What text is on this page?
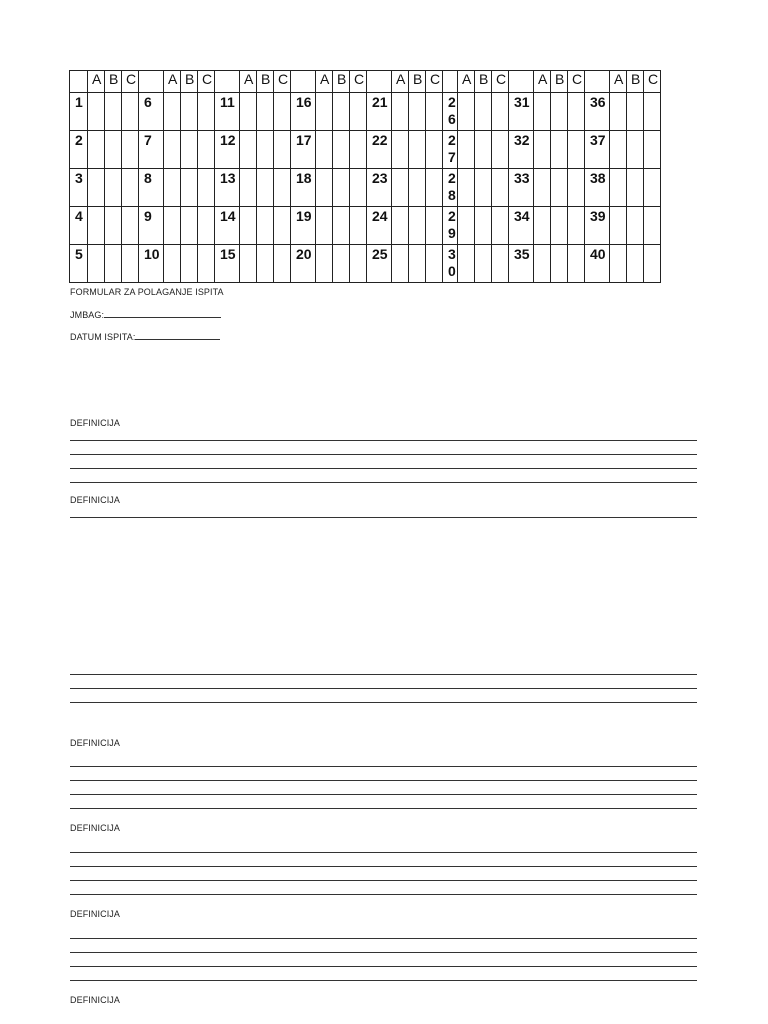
	A	B	C		A	B	C		A	B	C		A	B	C		A	B	C		A	B	C		A	B	C		A	B	C
1				6				11				16				21				26				31				36			
2				7				12				17				22				27				32				37			
3				8				13				18				23				28				33				38			
4				9				14				19				24				29				34				39			
5				10				15				20				25				30				35				40			
FORMULAR ZA POLAGANJE ISPITA
JMBAG:
DATUM ISPITA:
DEFINICIJA
DEFINICIJA
DEFINICIJA
DEFINICIJA
DEFINICIJA
DEFINICIJA
